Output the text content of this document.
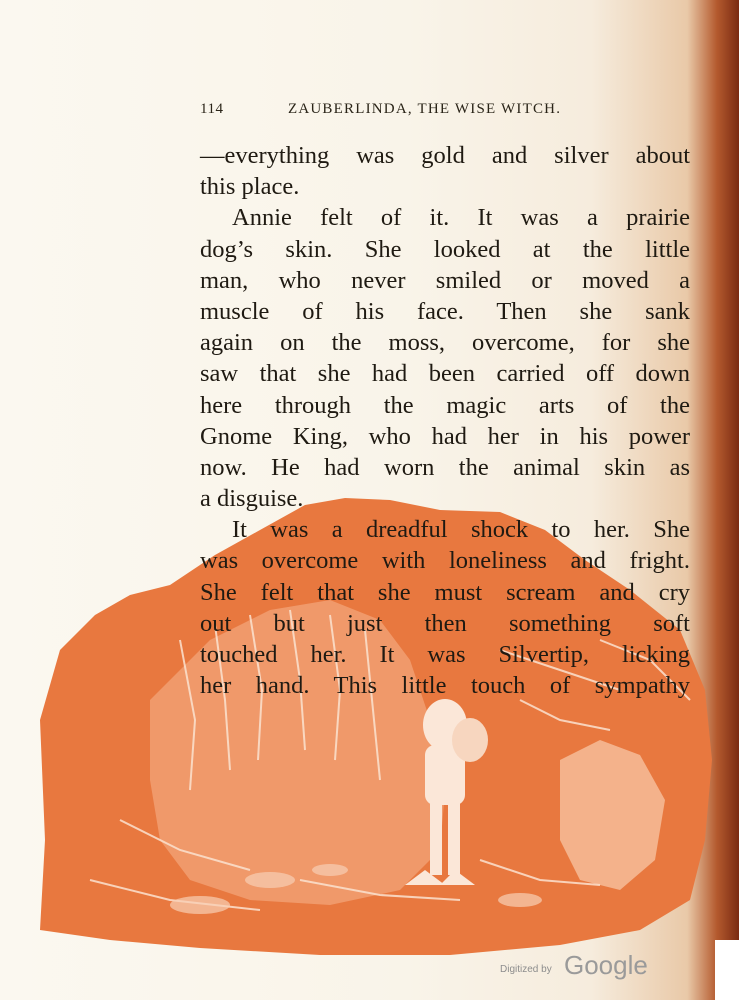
114	ZAUBERLINDA, THE WISE WITCH.
—everything was gold and silver about
this place.
Annie felt of it. It was a prairie
dog’s skin. She looked at the little
man, who never smiled or moved a
muscle of his face. Then she sank
again on the moss, overcome, for she
saw that she had been carried off down
here through the magic arts of the
Gnome King, who had her in his power
now. He had worn the animal skin as
a disguise.
It was a dreadful shock to her. She
was overcome with loneliness and fright.
She felt that she must scream and cry
out but just then something soft
touched her. It was Silvertip, licking
her hand. This little touch of sympathy
Digitized by Google
